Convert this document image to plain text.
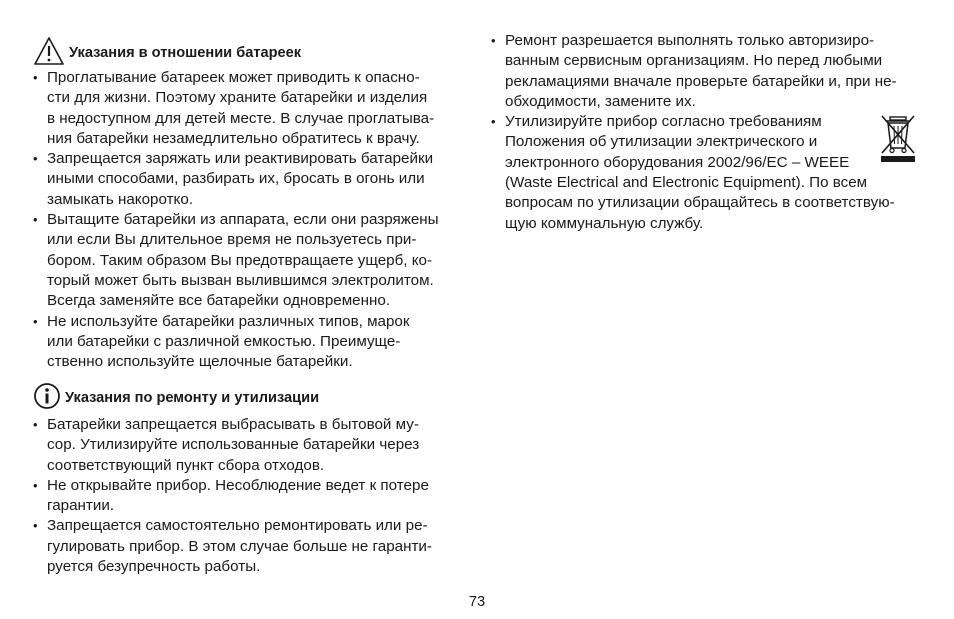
Указания в отношении батареек
• Проглатывание батареек может приводить к опасно-
сти для жизни. Поэтому храните батарейки и изделия
в недоступном для детей месте. В случае проглатыва-
ния батарейки незамедлительно обратитесь к врачу.
• Запрещается заряжать или реактивировать батарейки
иными способами, разбирать их, бросать в огонь или
замыкать накоротко.
• Вытащите батарейки из аппарата, если они разряжены
или если Вы длительное время не пользуетесь при-
бором. Таким образом Вы предотвращаете ущерб, ко-
торый может быть вызван вылившимся электролитом.
Всегда заменяйте все батарейки одновременно.
• Не используйте батарейки различных типов, марок
или батарейки с различной емкостью. Преимуще-
ственно используйте щелочные батарейки.
Указания по ремонту и утилизации
• Батарейки запрещается выбрасывать в бытовой му-
сор. Утилизируйте использованные батарейки через
соответствующий пункт сбора отходов.
• Не открывайте прибор. Несоблюдение ведет к потере
гарантии.
• Запрещается самостоятельно ремонтировать или ре-
гулировать прибор. В этом случае больше не гаранти-
руется безупречность работы.
• Ремонт разрешается выполнять только авторизиро-
ванным сервисным организациям. Но перед любыми
рекламациями вначале проверьте батарейки и, при не-
обходимости, замените их.
• Утилизируйте прибор согласно требованиям
Положения об утилизации электрического и
электронного оборудования 2002/96/EC – WEEE
(Waste Electrical and Electronic Equipment). По всем
вопросам по утилизации обращайтесь в соответствую-
щую коммунальную службу.
73
